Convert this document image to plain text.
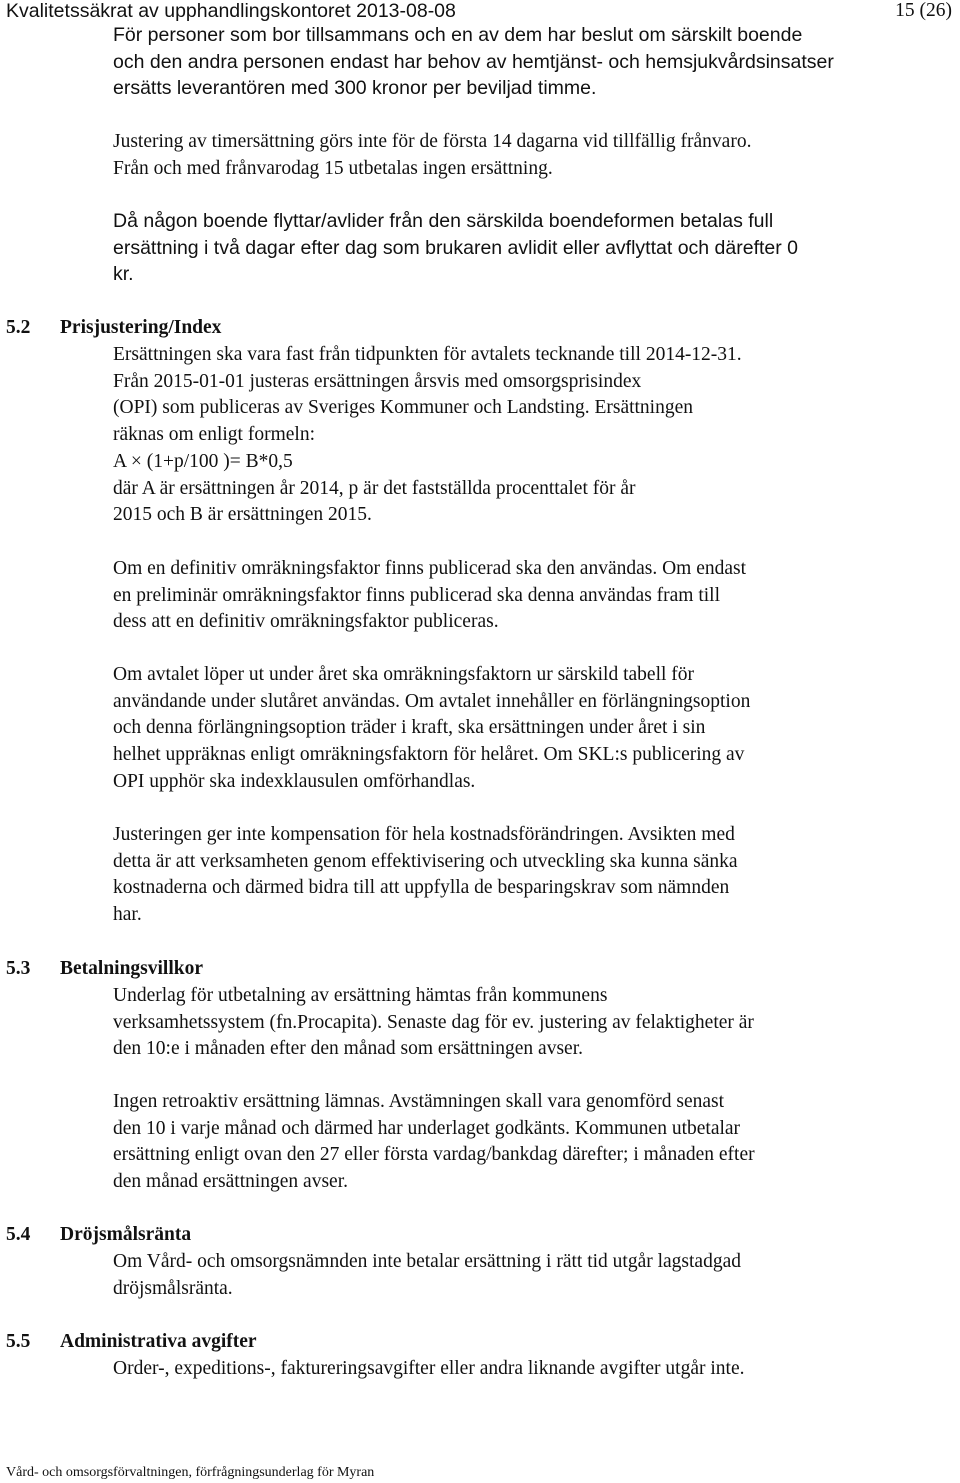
Kvalitetssäkrat av upphandlingskontoret 2013-08-08	15 (26)
För personer som bor tillsammans och en av dem har beslut om särskilt boende
och den andra personen endast har behov av hemtjänst- och hemsjukvårdsinsatser
ersätts leverantören med 300 kronor per beviljad timme.
Justering av timersättning görs inte för de första 14 dagarna vid tillfällig frånvaro.
Från och med frånvarodag 15 utbetalas ingen ersättning.
Då någon boende flyttar/avlider från den särskilda boendeformen betalas full
ersättning i två dagar efter dag som brukaren avlidit eller avflyttat och därefter 0
kr.
5.2 Prisjustering/Index
Ersättningen ska vara fast från tidpunkten för avtalets tecknande till 2014-12-31.
Från 2015-01-01 justeras ersättningen årsvis med omsorgsprisindex
(OPI) som publiceras av Sveriges Kommuner och Landsting. Ersättningen
räknas om enligt formeln:
A × (1+p/100 )= B*0,5
där A är ersättningen år 2014, p är det fastställda procenttalet för år
2015 och B är ersättningen 2015.
Om en definitiv omräkningsfaktor finns publicerad ska den användas. Om endast
en preliminär omräkningsfaktor finns publicerad ska denna användas fram till
dess att en definitiv omräkningsfaktor publiceras.
Om avtalet löper ut under året ska omräkningsfaktorn ur särskild tabell för
användande under slutåret användas. Om avtalet innehåller en förlängningsoption
och denna förlängningsoption träder i kraft, ska ersättningen under året i sin
helhet uppräknas enligt omräkningsfaktorn för helåret. Om SKL:s publicering av
OPI upphör ska indexklausulen omförhandlas.
Justeringen ger inte kompensation för hela kostnadsförändringen. Avsikten med
detta är att verksamheten genom effektivisering och utveckling ska kunna sänka
kostnaderna och därmed bidra till att uppfylla de besparingskrav som nämnden
har.
5.3 Betalningsvillkor
Underlag för utbetalning av ersättning hämtas från kommunens
verksamhetssystem (fn.Procapita). Senaste dag för ev. justering av felaktigheter är
den 10:e i månaden efter den månad som ersättningen avser.
Ingen retroaktiv ersättning lämnas. Avstämningen skall vara genomförd senast
den 10 i varje månad och därmed har underlaget godkänts. Kommunen utbetalar
ersättning enligt ovan den 27 eller första vardag/bankdag därefter; i månaden efter
den månad ersättningen avser.
5.4 Dröjsmålsränta
Om Vård- och omsorgsnämnden inte betalar ersättning i rätt tid utgår lagstadgad
dröjsmålsränta.
5.5 Administrativa avgifter
Order-, expeditions-, faktureringsavgifter eller andra liknande avgifter utgår inte.
Vård- och omsorgsförvaltningen, förfrågningsunderlag för Myran
